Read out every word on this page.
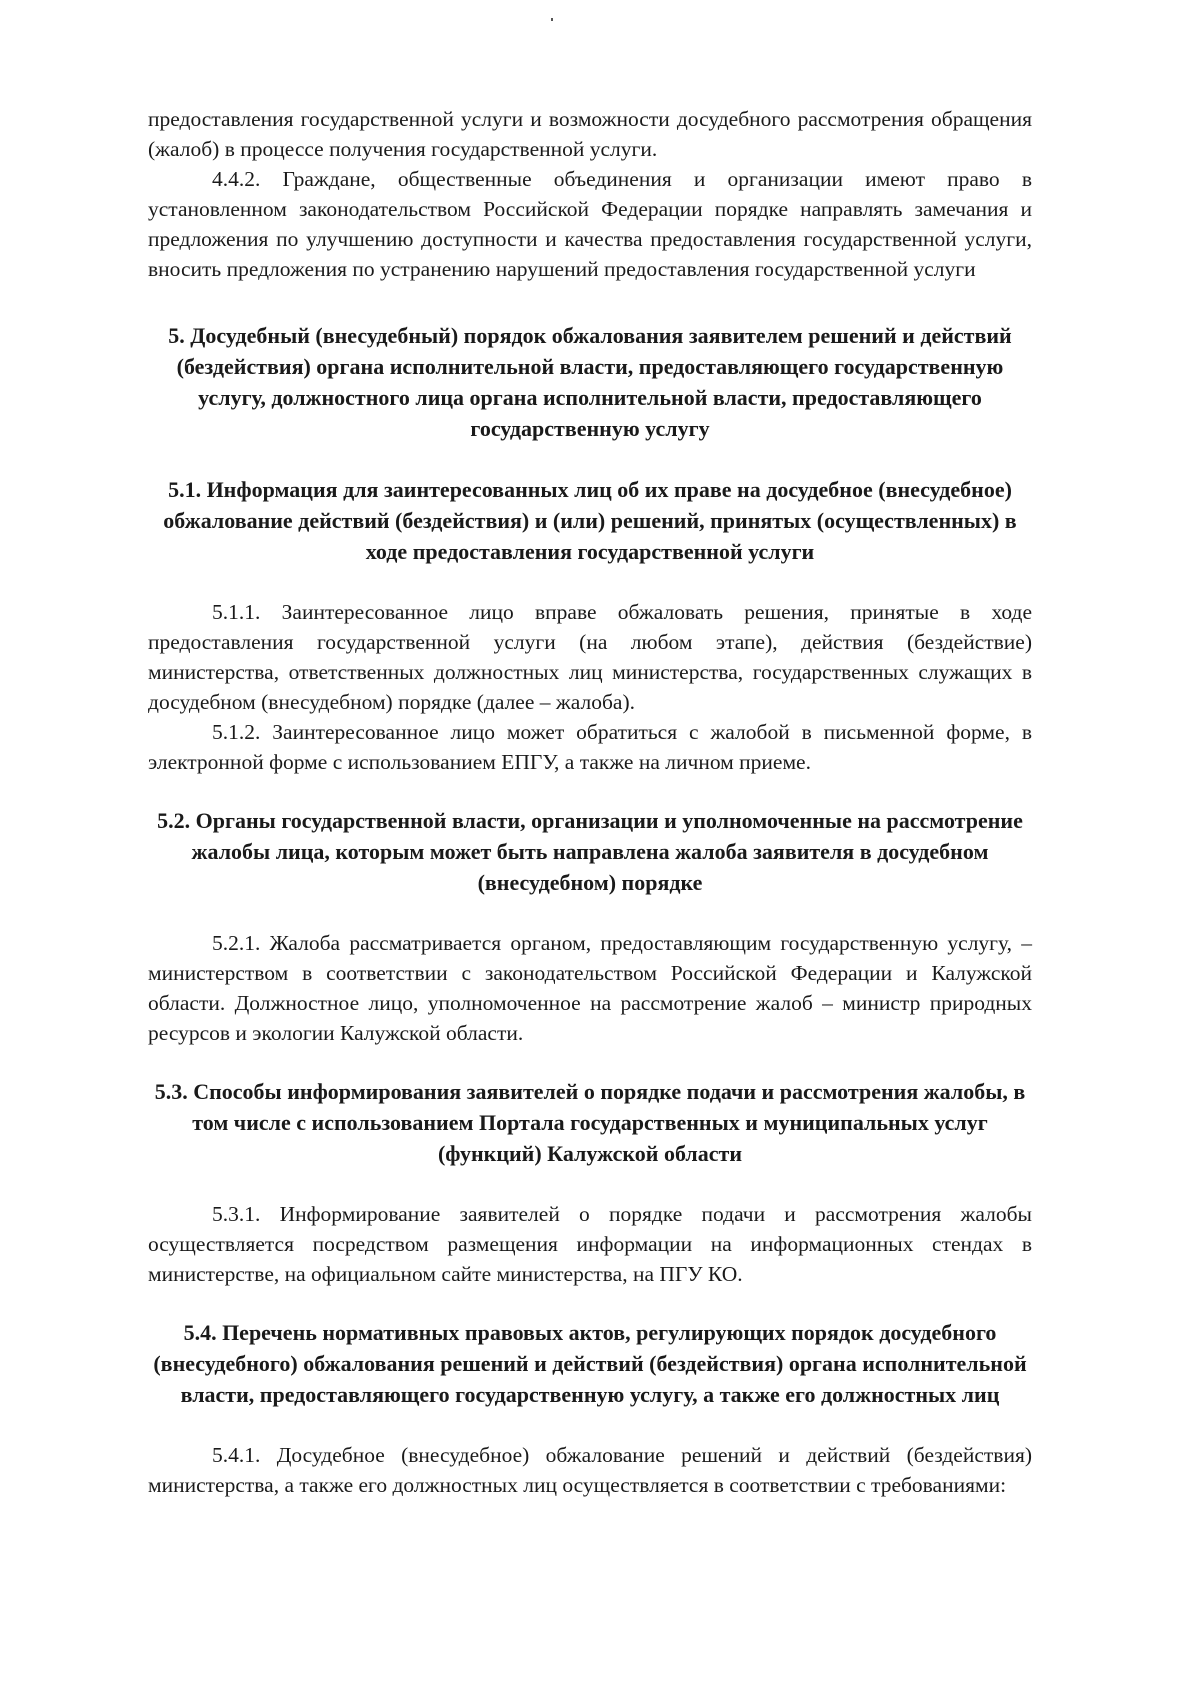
предоставления государственной услуги и возможности досудебного рассмотрения обращения (жалоб) в процессе получения государственной услуги.

4.4.2. Граждане, общественные объединения и организации имеют право в установленном законодательством Российской Федерации порядке направлять замечания и предложения по улучшению доступности и качества предоставления государственной услуги, вносить предложения по устранению нарушений предоставления государственной услуги

5. Досудебный (внесудебный) порядок обжалования заявителем решений и действий (бездействия) органа исполнительной власти, предоставляющего государственную услугу, должностного лица органа исполнительной власти, предоставляющего государственную услугу

5.1. Информация для заинтересованных лиц об их праве на досудебное (внесудебное) обжалование действий (бездействия) и (или) решений, принятых (осуществленных) в ходе предоставления государственной услуги

5.1.1. Заинтересованное лицо вправе обжаловать решения, принятые в ходе предоставления государственной услуги (на любом этапе), действия (бездействие) министерства, ответственных должностных лиц министерства, государственных служащих в досудебном (внесудебном) порядке (далее – жалоба).

5.1.2. Заинтересованное лицо может обратиться с жалобой в письменной форме, в электронной форме с использованием ЕПГУ, а также на личном приеме.

5.2. Органы государственной власти, организации и уполномоченные на рассмотрение жалобы лица, которым может быть направлена жалоба заявителя в досудебном (внесудебном) порядке

5.2.1. Жалоба рассматривается органом, предоставляющим государственную услугу, – министерством в соответствии с законодательством Российской Федерации и Калужской области. Должностное лицо, уполномоченное на рассмотрение жалоб – министр природных ресурсов и экологии Калужской области.

5.3. Способы информирования заявителей о порядке подачи и рассмотрения жалобы, в том числе с использованием Портала государственных и муниципальных услуг (функций) Калужской области

5.3.1. Информирование заявителей о порядке подачи и рассмотрения жалобы осуществляется посредством размещения информации на информационных стендах в министерстве, на официальном сайте министерства, на ПГУ КО.

5.4. Перечень нормативных правовых актов, регулирующих порядок досудебного (внесудебного) обжалования решений и действий (бездействия) органа исполнительной власти, предоставляющего государственную услугу, а также его должностных лиц

5.4.1. Досудебное (внесудебное) обжалование решений и действий (бездействия) министерства, а также его должностных лиц осуществляется в соответствии с требованиями:
